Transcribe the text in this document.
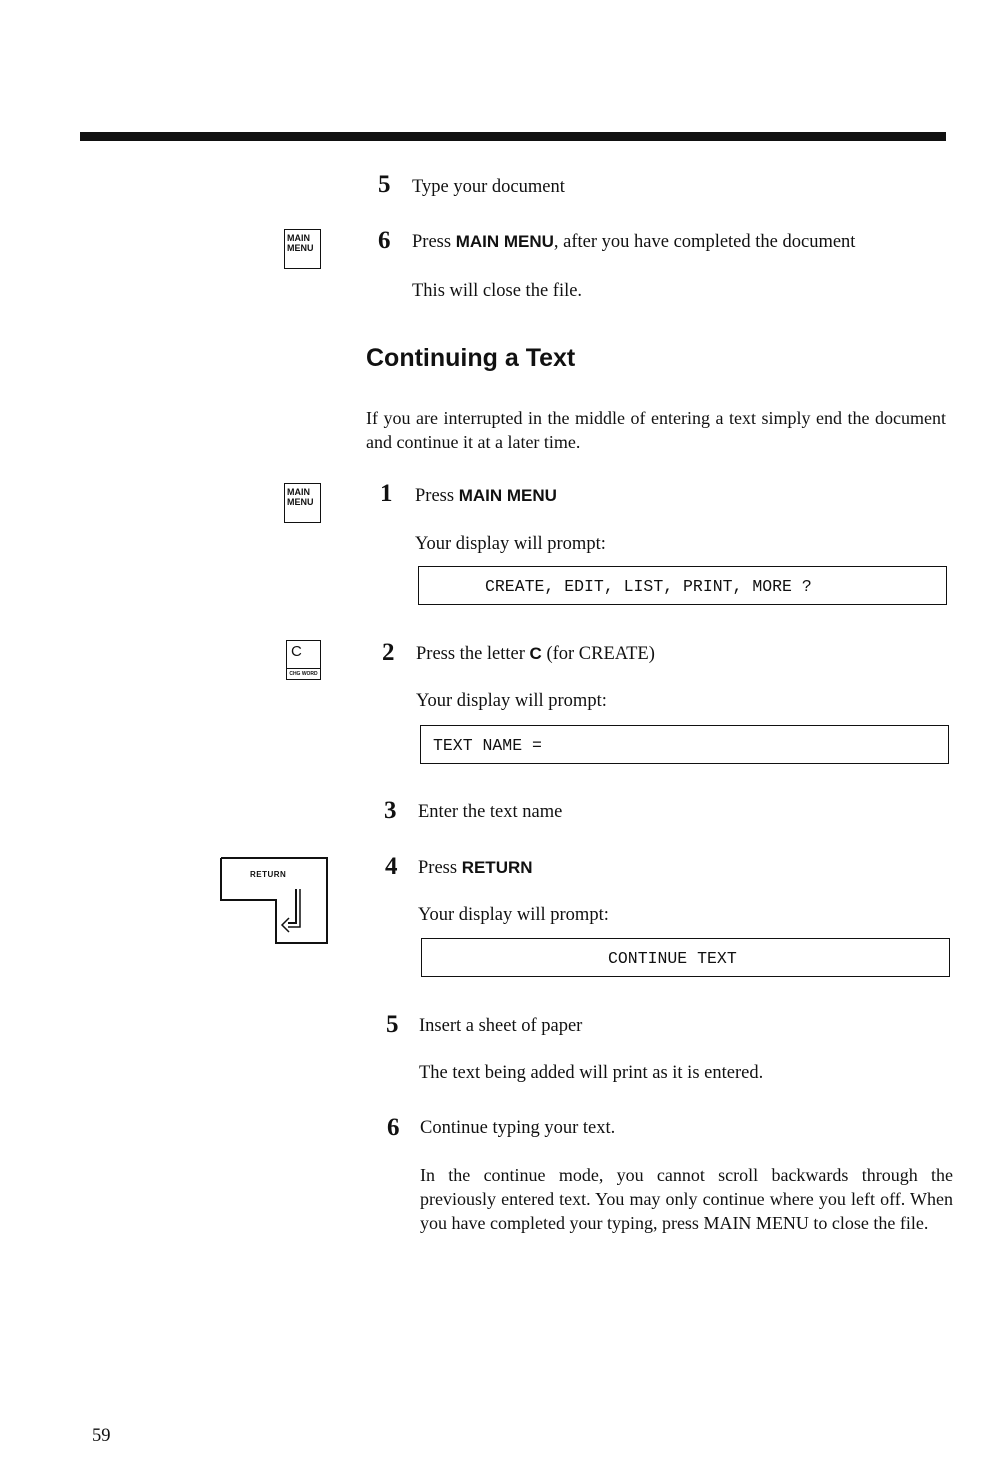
MAIN
MENU
MAIN
MENU
C
CHG WORD
RETURN
5 Type your document
6 Press MAIN MENU, after you have completed the document
This will close the file.
Continuing a Text
If you are interrupted in the middle of entering a text simply end the document and continue it at a later time.
1 Press MAIN MENU
Your display will prompt:
CREATE, EDIT, LIST, PRINT, MORE ?
2 Press the letter C (for CREATE)
Your display will prompt:
TEXT NAME =
3 Enter the text name
4 Press RETURN
Your display will prompt:
CONTINUE TEXT
5 Insert a sheet of paper
The text being added will print as it is entered.
6 Continue typing your text.
In the continue mode, you cannot scroll backwards through the previously entered text. You may only continue where you left off. When you have completed your typing, press MAIN MENU to close the file.
59
